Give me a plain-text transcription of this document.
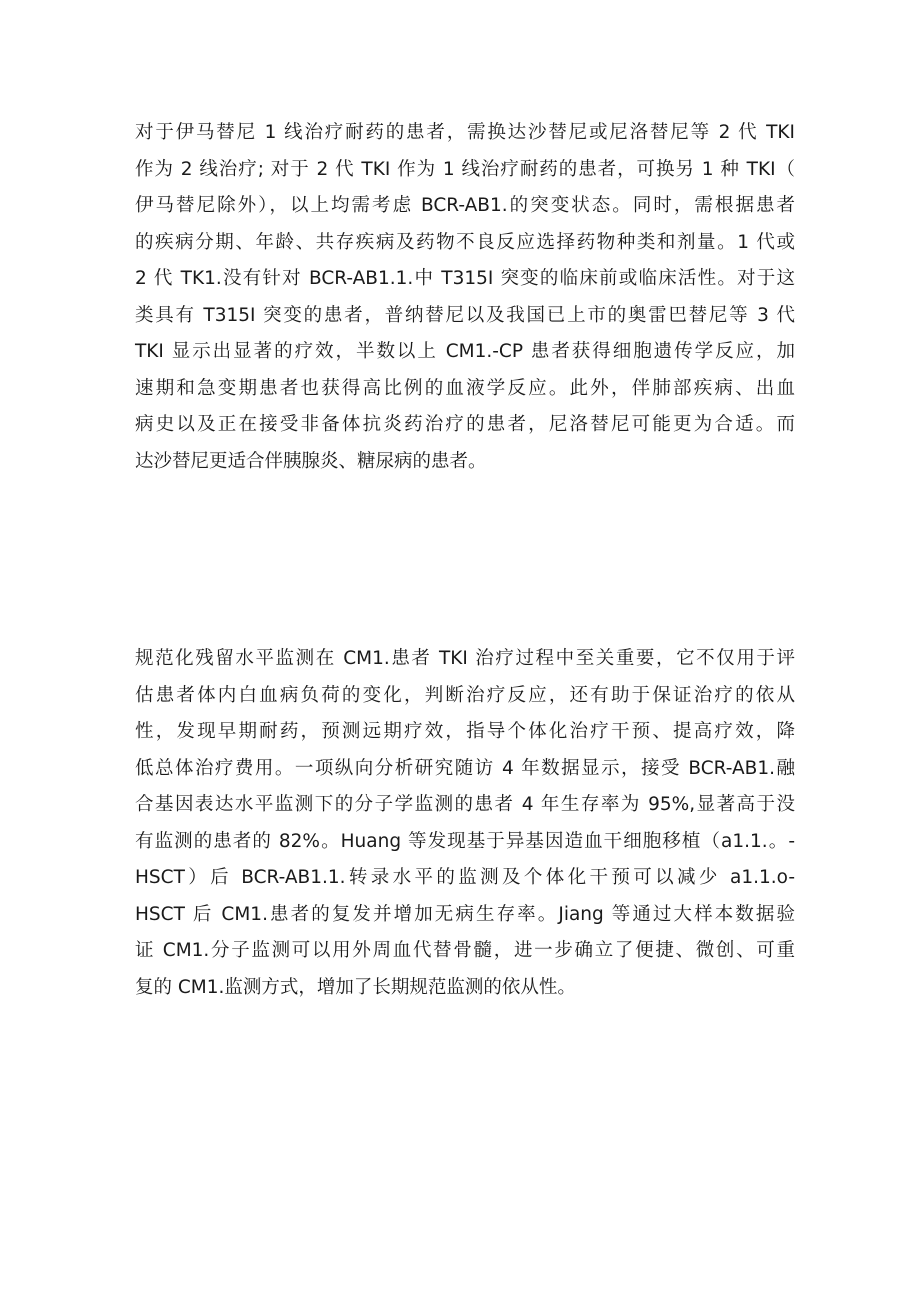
对于伊马替尼 1 线治疗耐药的患者，需换达沙替尼或尼洛替尼等 2 代 TKI
作为 2 线治疗; 对于 2 代 TKI 作为 1 线治疗耐药的患者，可换另 1 种 TKI（
伊马替尼除外），以上均需考虑 BCR-AB1.的突变状态。同时，需根据患者
的疾病分期、年龄、共存疾病及药物不良反应选择药物种类和剂量。1 代或
2 代 TK1.没有针对 BCR-AB1.1.中 T315I 突变的临床前或临床活性。对于这
类具有 T315I 突变的患者，普纳替尼以及我国已上市的奥雷巴替尼等 3 代
TKI 显示出显著的疗效，半数以上 CM1.-CP 患者获得细胞遗传学反应，加
速期和急变期患者也获得高比例的血液学反应。此外，伴肺部疾病、出血
病史以及正在接受非备体抗炎药治疗的患者，尼洛替尼可能更为合适。而
达沙替尼更适合伴胰腺炎、糖尿病的患者。
规范化残留水平监测在 CM1.患者 TKI 治疗过程中至关重要，它不仅用于评
估患者体内白血病负荷的变化，判断治疗反应，还有助于保证治疗的依从
性，发现早期耐药，预测远期疗效，指导个体化治疗干预、提高疗效，降
低总体治疗费用。一项纵向分析研究随访 4 年数据显示，接受 BCR-AB1.融
合基因表达水平监测下的分子学监测的患者 4 年生存率为 95%,显著高于没
有监测的患者的 82%。Huang 等发现基于异基因造血干细胞移植（a1.1.。-
HSCT）后 BCR-AB1.1.转录水平的监测及个体化干预可以减少 a1.1.o-
HSCT 后 CM1.患者的复发并增加无病生存率。Jiang 等通过大样本数据验
证 CM1.分子监测可以用外周血代替骨髓，进一步确立了便捷、微创、可重
复的 CM1.监测方式，增加了长期规范监测的依从性。
